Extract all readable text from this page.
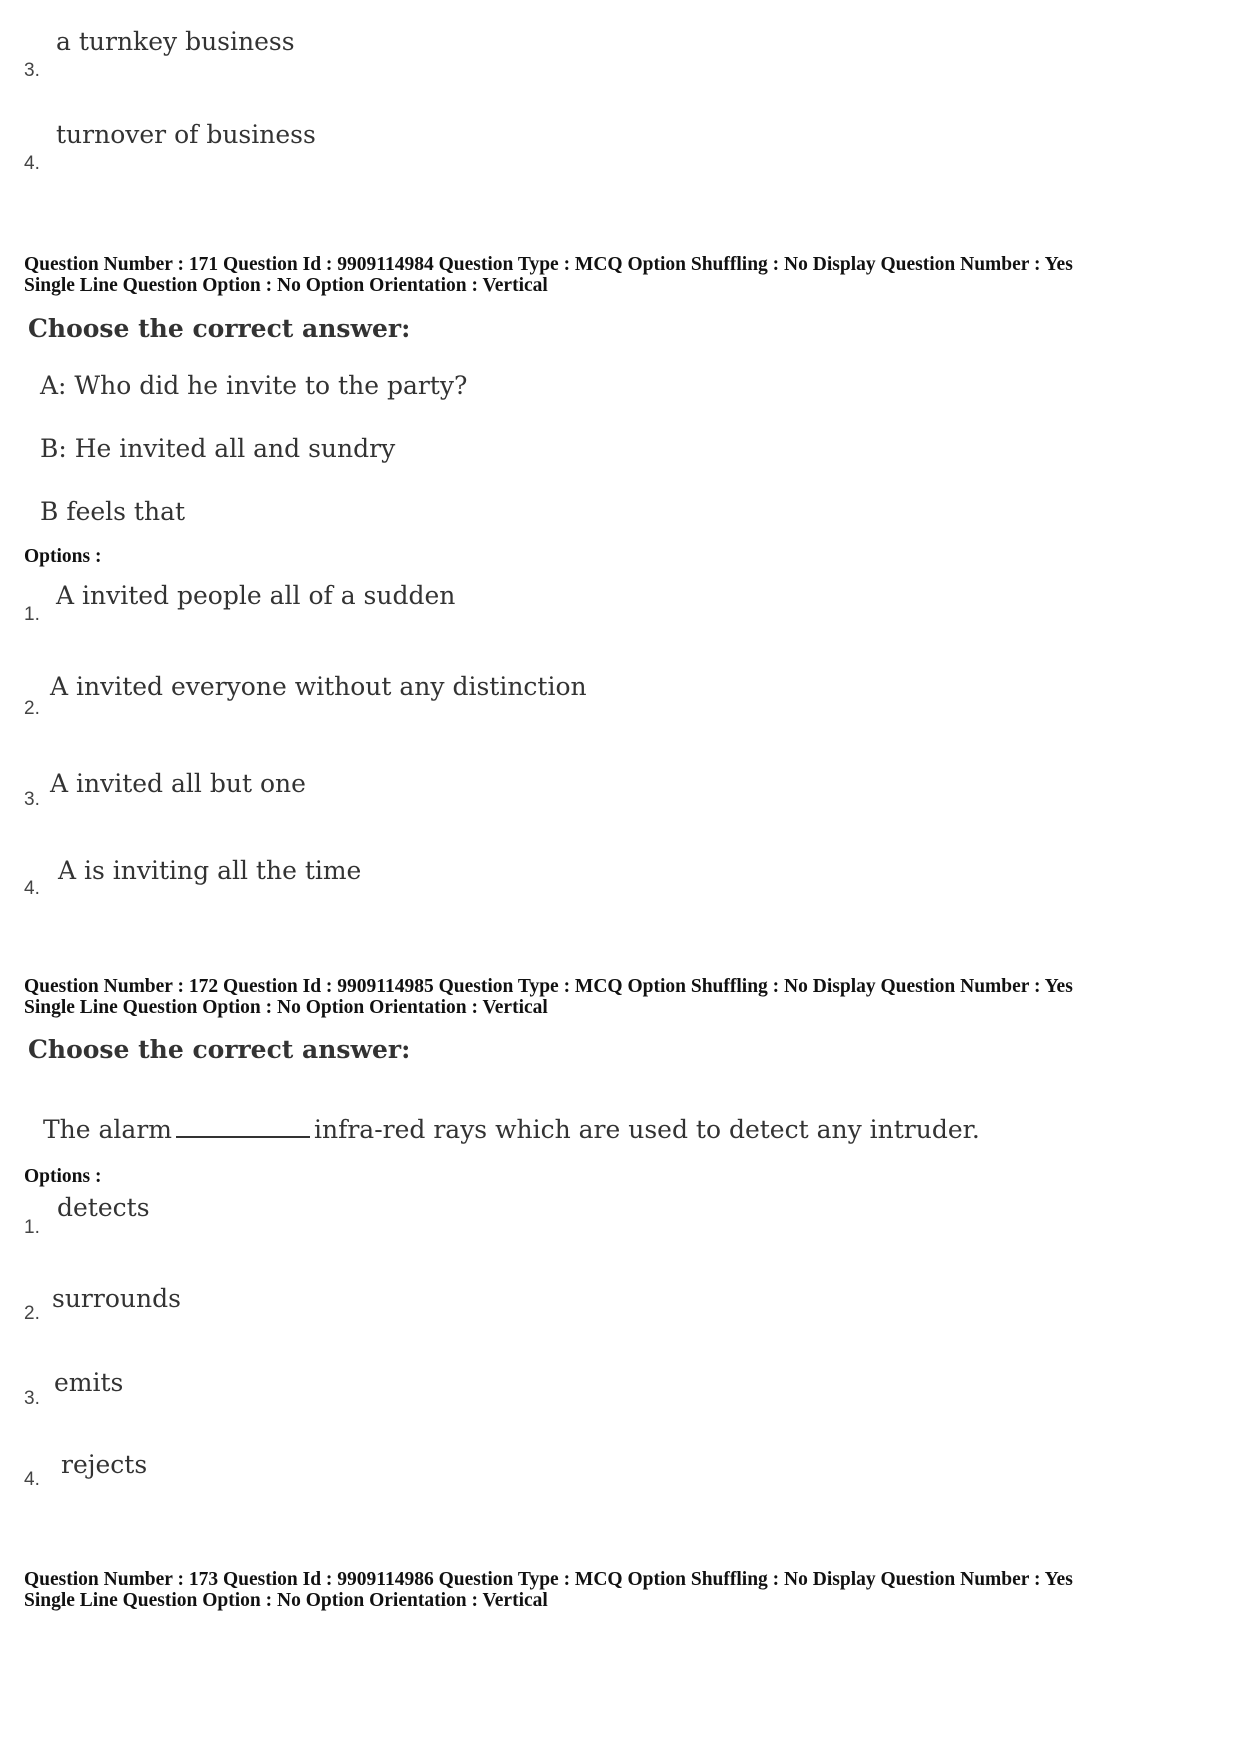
3.
a turnkey business
4.
turnover of business
Question Number : 171 Question Id : 9909114984 Question Type : MCQ Option Shuffling : No Display Question Number : Yes
Single Line Question Option : No Option Orientation : Vertical
Choose the correct answer:
A: Who did he invite to the party?
B: He invited all and sundry
B feels that
Options :
1.
A invited people all of a sudden
2.
A invited everyone without any distinction
3.
A invited all but one
4.
A is inviting all the time
Question Number : 172 Question Id : 9909114985 Question Type : MCQ Option Shuffling : No Display Question Number : Yes
Single Line Question Option : No Option Orientation : Vertical
Choose the correct answer:
The alarm	infra-red rays which are used to detect any intruder.
Options :
1.
detects
2.
surrounds
3.
emits
4.
rejects
Question Number : 173 Question Id : 9909114986 Question Type : MCQ Option Shuffling : No Display Question Number : Yes
Single Line Question Option : No Option Orientation : Vertical
